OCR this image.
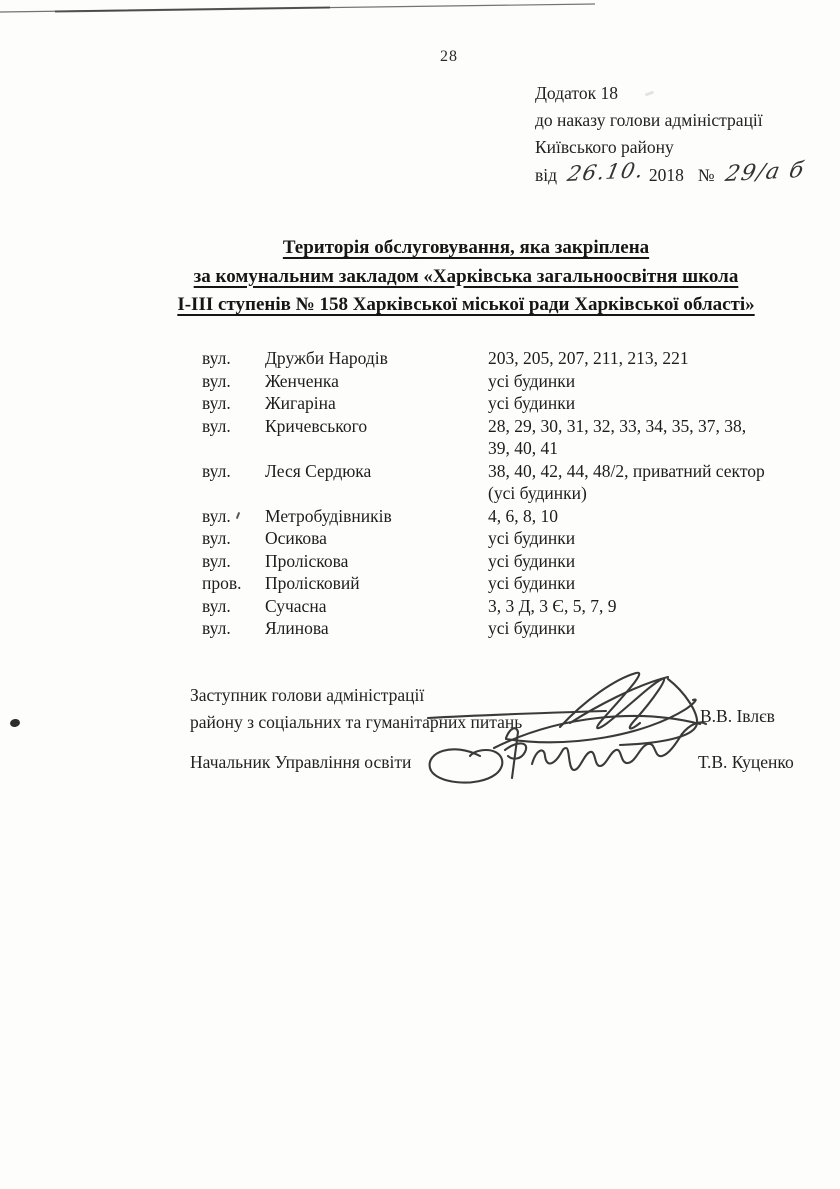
28
Додаток 18
до наказу голови адміністрації
Київського району
від 26.10. 2018 № 29/а б
Територія обслуговування, яка закріплена
за комунальним закладом «Харківська загальноосвітня школа
І-ІІІ ступенів № 158 Харківської міської ради Харківської області»
вул.	Дружби Народів	203, 205, 207, 211, 213, 221
вул.	Женченка	усі будинки
вул.	Жигаріна	усі будинки
вул.	Кричевського	28, 29, 30, 31, 32, 33, 34, 35, 37, 38,
39, 40, 41
вул.	Леся Сердюка	38, 40, 42, 44, 48/2, приватний сектор
(усі будинки)
вул.	Метробудівників	4, 6, 8, 10
вул.	Осикова	усі будинки
вул.	Проліскова	усі будинки
пров.	Пролісковий	усі будинки
вул.	Сучасна	3, 3 Д, 3 Є, 5, 7, 9
вул.	Ялинова	усі будинки
Заступник голови адміністрації
району з соціальних та гуманітарних питань	В.В. Івлєв
Начальник Управління освіти	Т.В. Куценко
